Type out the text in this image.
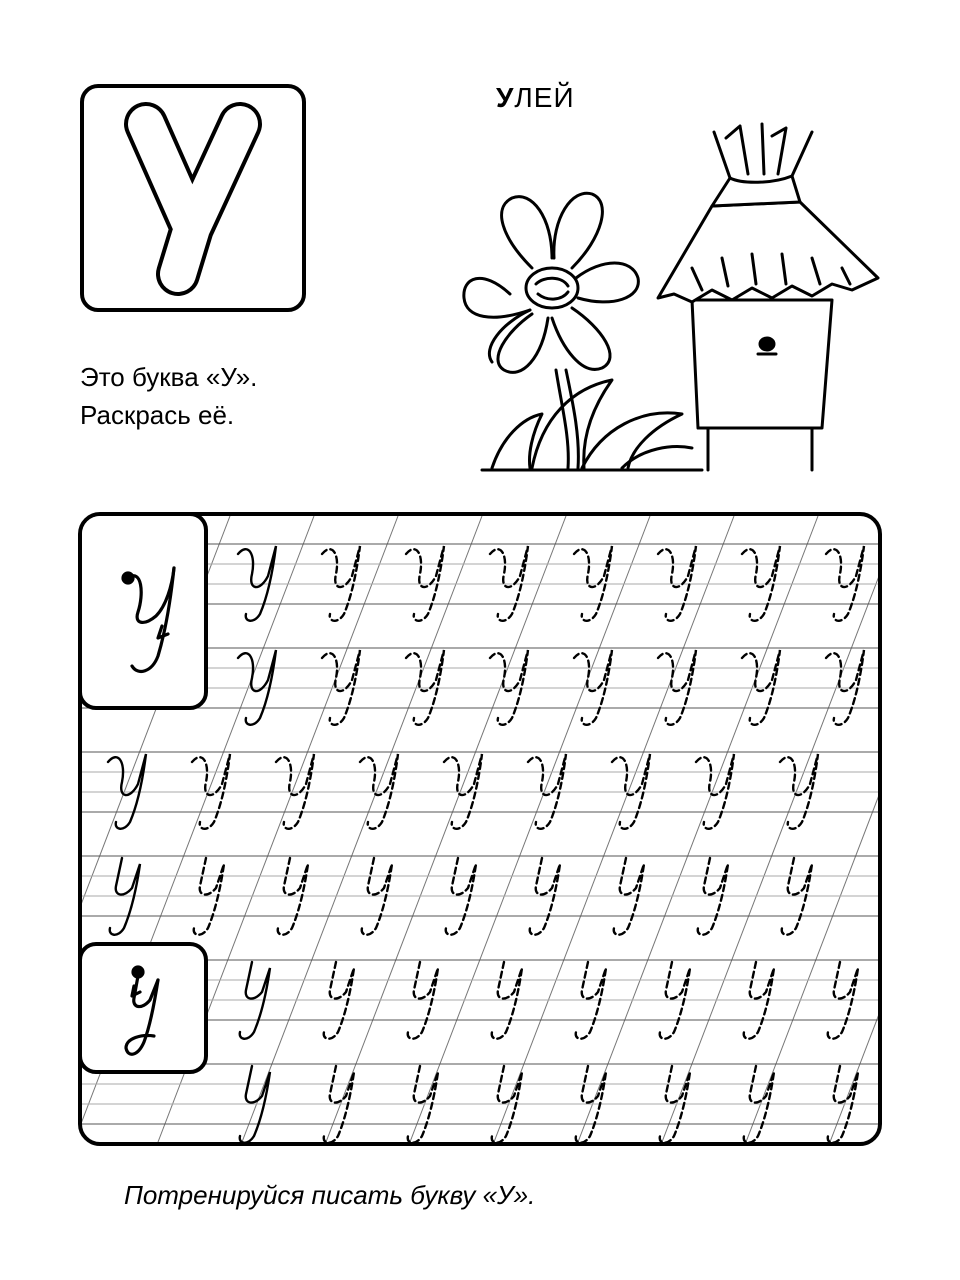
УЛЕЙ
Это буква «У».
Раскрась её.
Потренируйся писать букву «У».
